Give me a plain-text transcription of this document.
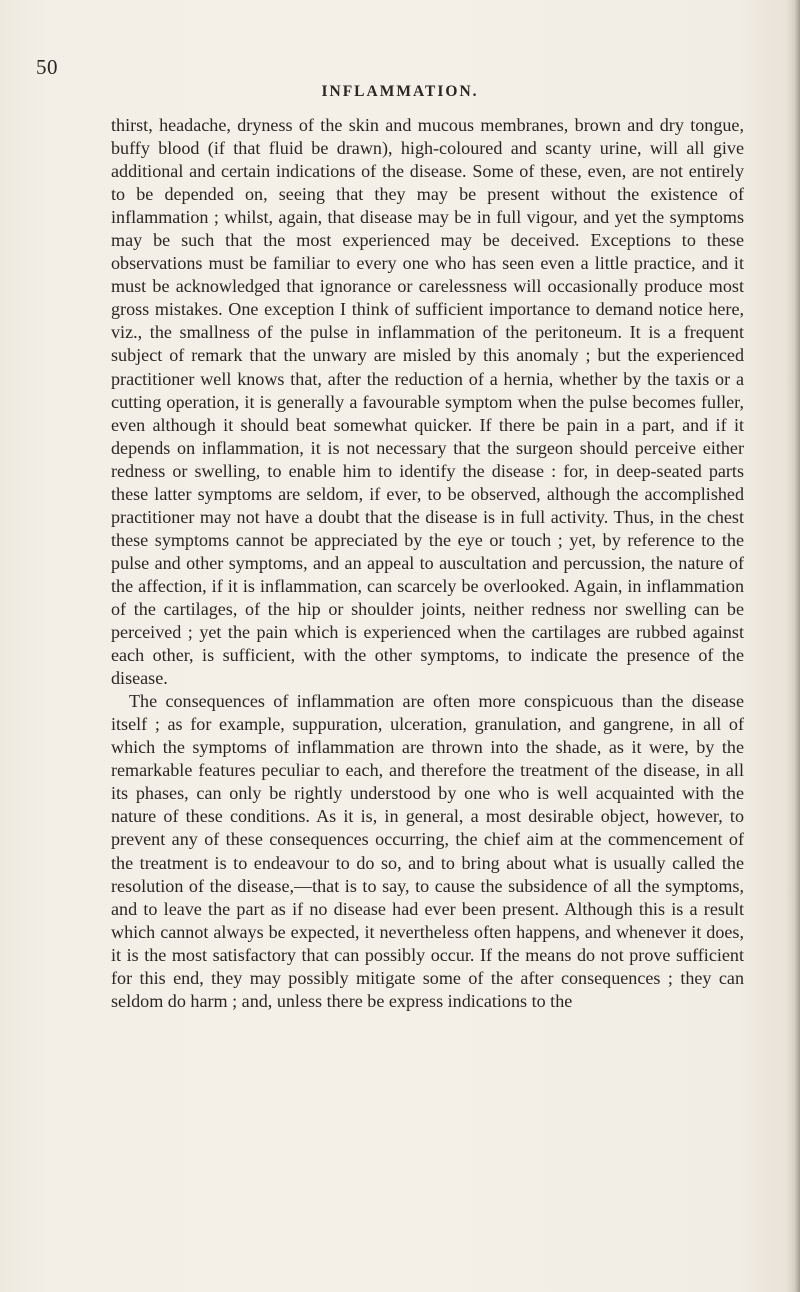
50
INFLAMMATION.

thirst, headache, dryness of the skin and mucous membranes, brown and dry tongue, buffy blood (if that fluid be drawn), high-coloured and scanty urine, will all give additional and certain indications of the disease. Some of these, even, are not entirely to be depended on, seeing that they may be present without the existence of inflammation ; whilst, again, that disease may be in full vigour, and yet the symptoms may be such that the most experienced may be deceived. Exceptions to these observations must be familiar to every one who has seen even a little practice, and it must be acknowledged that ignorance or carelessness will occasionally produce most gross mistakes. One exception I think of sufficient importance to demand notice here, viz., the smallness of the pulse in inflammation of the peritoneum. It is a frequent subject of remark that the unwary are misled by this anomaly ; but the experienced practitioner well knows that, after the reduction of a hernia, whether by the taxis or a cutting operation, it is generally a favourable symptom when the pulse becomes fuller, even although it should beat somewhat quicker. If there be pain in a part, and if it depends on inflammation, it is not necessary that the surgeon should perceive either redness or swelling, to enable him to identify the disease : for, in deep-seated parts these latter symptoms are seldom, if ever, to be observed, although the accomplished practitioner may not have a doubt that the disease is in full activity. Thus, in the chest these symptoms cannot be appreciated by the eye or touch ; yet, by reference to the pulse and other symptoms, and an appeal to auscultation and percussion, the nature of the affection, if it is inflammation, can scarcely be overlooked. Again, in inflammation of the cartilages, of the hip or shoulder joints, neither redness nor swelling can be perceived ; yet the pain which is experienced when the cartilages are rubbed against each other, is sufficient, with the other symptoms, to indicate the presence of the disease.

The consequences of inflammation are often more conspicuous than the disease itself ; as for example, suppuration, ulceration, granulation, and gangrene, in all of which the symptoms of inflammation are thrown into the shade, as it were, by the remarkable features peculiar to each, and therefore the treatment of the disease, in all its phases, can only be rightly understood by one who is well acquainted with the nature of these conditions. As it is, in general, a most desirable object, however, to prevent any of these consequences occurring, the chief aim at the commencement of the treatment is to endeavour to do so, and to bring about what is usually called the resolution of the disease,—that is to say, to cause the subsidence of all the symptoms, and to leave the part as if no disease had ever been present. Although this is a result which cannot always be expected, it nevertheless often happens, and whenever it does, it is the most satisfactory that can possibly occur. If the means do not prove sufficient for this end, they may possibly mitigate some of the after consequences ; they can seldom do harm ; and, unless there be express indications to the
